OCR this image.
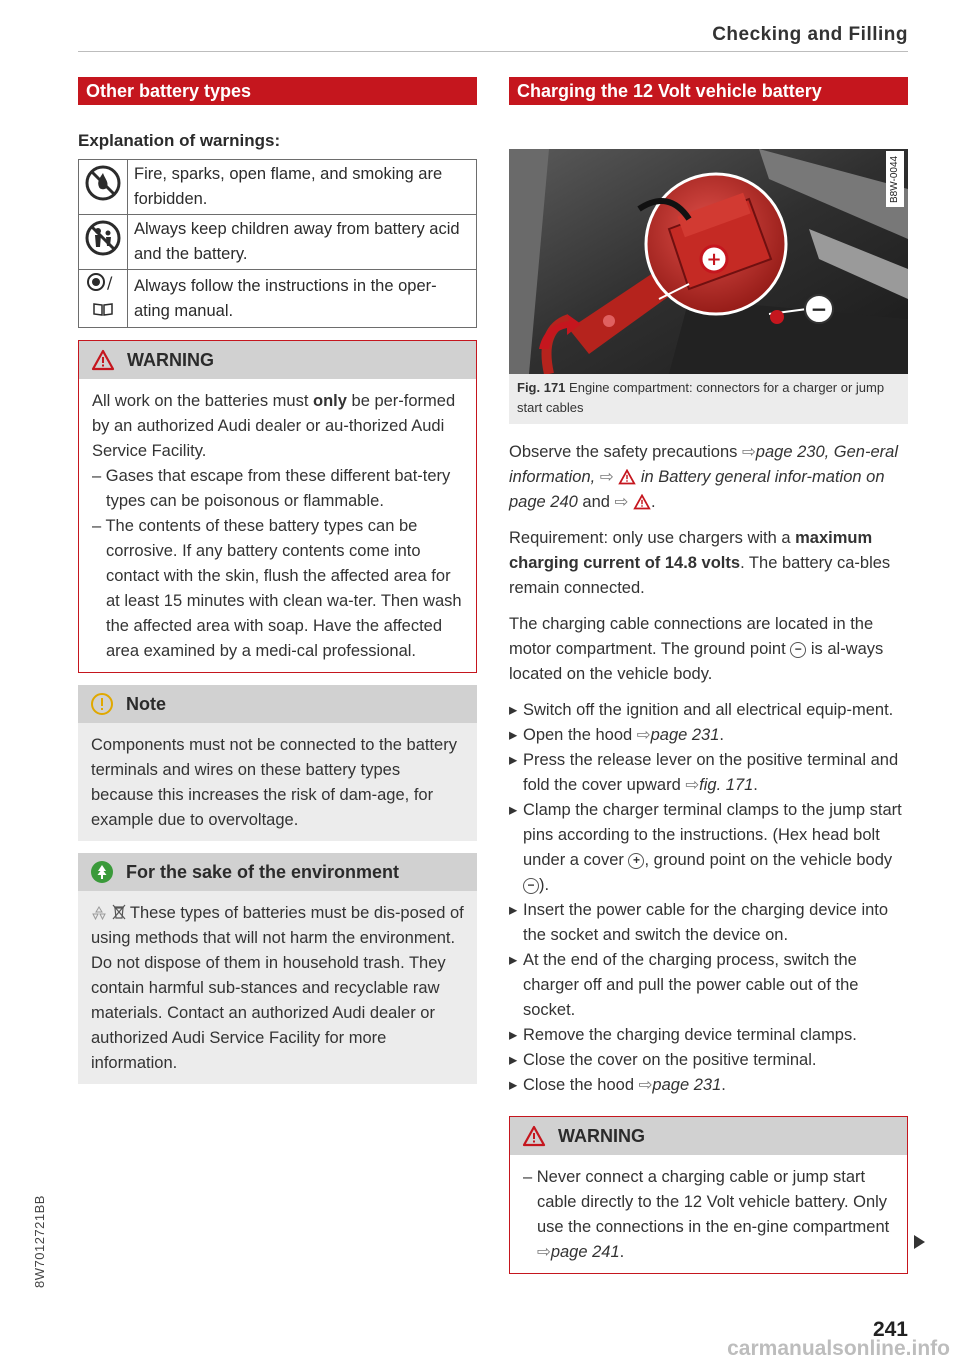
Checking and Filling
Other battery types
Explanation of warnings:
	Fire, sparks, open flame, and smoking are forbidden.
	Always keep children away from battery acid and the battery.

/	Always follow the instructions in the oper-ating manual.
WARNING
All work on the batteries must only be per-formed by an authorized Audi dealer or au-thorized Audi Service Facility.
– Gases that escape from these different bat-tery types can be poisonous or flammable.
– The contents of these battery types can be corrosive. If any battery contents come into contact with the skin, flush the affected area for at least 15 minutes with clean wa-ter. Then wash the affected area with soap. Have the affected area examined by a medi-cal professional.
Note
Components must not be connected to the battery terminals and wires on these battery types because this increases the risk of dam-age, for example due to overvoltage.
For the sake of the environment
These types of batteries must be dis-posed of using methods that will not harm the environment. Do not dispose of them in household trash. They contain harmful sub-stances and recyclable raw materials. Contact an authorized Audi dealer or authorized Audi Service Facility for more information.
Charging the 12 Volt vehicle battery
+
−
B8W-0044
Fig. 171 Engine compartment: connectors for a charger or jump start cables

Observe the safety precautions ⇨page 230, Gen-eral information, ⇨ in Battery general infor-mation on page 240 and ⇨ .

Requirement: only use chargers with a maximum charging current of 14.8 volts. The battery ca-bles remain connected.

The charging cable connections are located in the motor compartment. The ground point − is al-ways located on the vehicle body.

▸ Switch off the ignition and all electrical equip-ment.
▸ Open the hood ⇨page 231.
▸ Press the release lever on the positive terminal and fold the cover upward ⇨fig. 171.
▸ Clamp the charger terminal clamps to the jump start pins according to the instructions. (Hex head bolt under a cover + , ground point on the vehicle body − ).
▸ Insert the power cable for the charging device into the socket and switch the device on.
▸ At the end of the charging process, switch the charger off and pull the power cable out of the socket.
▸ Remove the charging device terminal clamps.
▸ Close the cover on the positive terminal.
▸ Close the hood ⇨page 231.
WARNING
– Never connect a charging cable or jump start cable directly to the 12 Volt vehicle battery. Only use the connections in the en-gine compartment ⇨page 241.
8W7012721BB
241
carmanualsonline.info
